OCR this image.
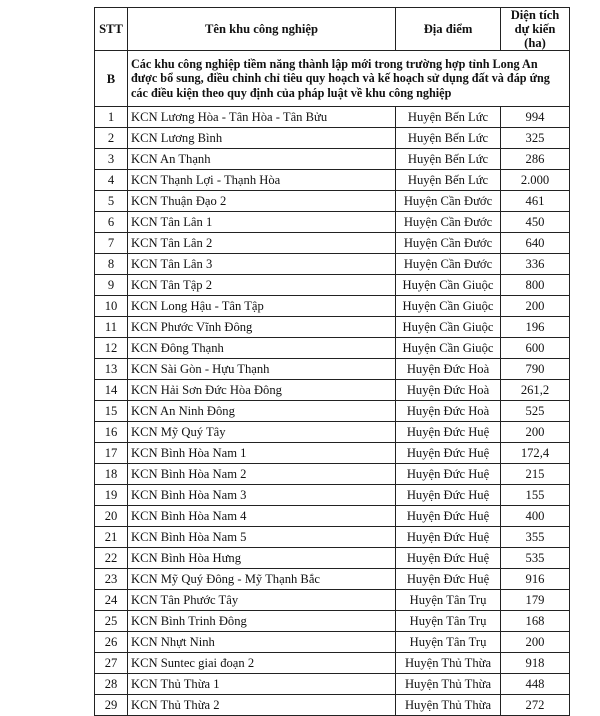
STT	Tên khu công nghiệp	Địa điểm	Diện tích
dự kiến (ha)
B	Các khu công nghiệp tiềm năng thành lập mới trong trường hợp tỉnh Long An được bổ sung, điều chỉnh chỉ tiêu quy hoạch và kế hoạch sử dụng đất và đáp ứng các điều kiện theo quy định của pháp luật về khu công nghiệp		
1	KCN Lương Hòa - Tân Hòa - Tân Bửu	Huyện Bến Lức	994
2	KCN Lương Bình	Huyện Bến Lức	325
3	KCN An Thạnh	Huyện Bến Lức	286
4	KCN Thạnh Lợi - Thạnh Hòa	Huyện Bến Lức	2.000
5	KCN Thuận Đạo 2	Huyện Cần Đước	461
6	KCN Tân Lân 1	Huyện Cần Đước	450
7	KCN Tân Lân 2	Huyện Cần Đước	640
8	KCN Tân Lân 3	Huyện Cần Đước	336
9	KCN Tân Tập 2	Huyện Cần Giuộc	800
10	KCN Long Hậu - Tân Tập	Huyện Cần Giuộc	200
11	KCN Phước Vĩnh Đông	Huyện Cần Giuộc	196
12	KCN Đông Thạnh	Huyện Cần Giuộc	600
13	KCN Sài Gòn - Hựu Thạnh	Huyện Đức Hoà	790
14	KCN Hải Sơn Đức Hòa Đông	Huyện Đức Hoà	261,2
15	KCN An Ninh Đông	Huyện Đức Hoà	525
16	KCN Mỹ Quý Tây	Huyện Đức Huệ	200
17	KCN Bình Hòa Nam 1	Huyện Đức Huệ	172,4
18	KCN Bình Hòa Nam 2	Huyện Đức Huệ	215
19	KCN Bình Hòa Nam 3	Huyện Đức Huệ	155
20	KCN Bình Hòa Nam 4	Huyện Đức Huệ	400
21	KCN Bình Hòa Nam 5	Huyện Đức Huệ	355
22	KCN Bình Hòa Hưng	Huyện Đức Huệ	535
23	KCN Mỹ Quý Đông - Mỹ Thạnh Bắc	Huyện Đức Huệ	916
24	KCN Tân Phước Tây	Huyện Tân Trụ	179
25	KCN Bình Trinh Đông	Huyện Tân Trụ	168
26	KCN Nhựt Ninh	Huyện Tân Trụ	200
27	KCN Suntec giai đoạn 2	Huyện Thủ Thừa	918
28	KCN Thủ Thừa 1	Huyện Thủ Thừa	448
29	KCN Thủ Thừa 2	Huyện Thủ Thừa	272
